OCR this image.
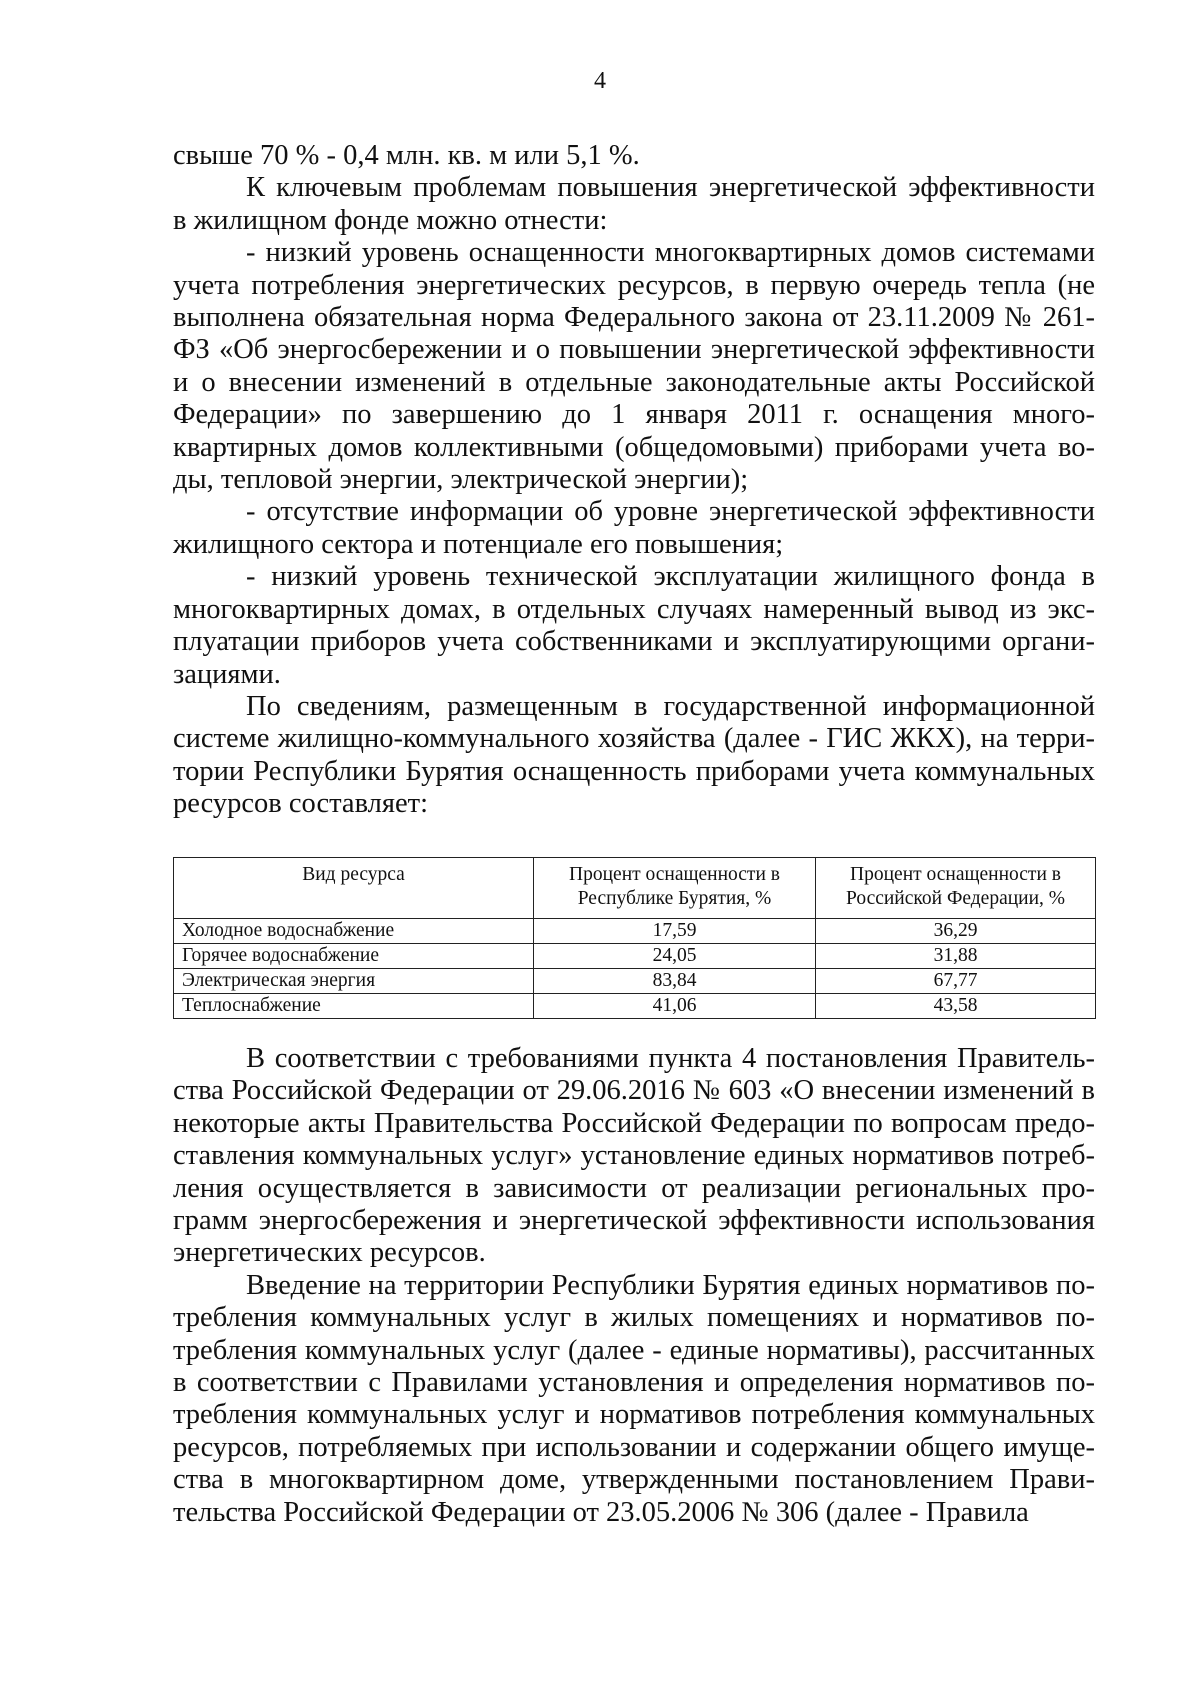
4

свыше 70 % - 0,4 млн. кв. м или 5,1 %.

К ключевым проблемам повышения энергетической эффективности в жилищном фонде можно отнести:

- низкий уровень оснащенности многоквартирных домов системами учета потребления энергетических ресурсов, в первую очередь тепла (не выполнена обязательная норма Федерального закона от 23.11.2009 № 261-ФЗ «Об энергосбережении и о повышении энергетической эффективности и о внесении изменений в отдельные законодательные акты Российской Федерации» по завершению до 1 января 2011 г. оснащения многоквартирных домов коллективными (общедомовыми) приборами учета воды, тепловой энергии, электрической энергии);

- отсутствие информации об уровне энергетической эффективности жилищного сектора и потенциале его повышения;

- низкий уровень технической эксплуатации жилищного фонда в многоквартирных домах, в отдельных случаях намеренный вывод из эксплуатации приборов учета собственниками и эксплуатирующими организациями.

По сведениям, размещенным в государственной информационной системе жилищно-коммунального хозяйства (далее - ГИС ЖКХ), на территории Республики Бурятия оснащенность приборами учета коммунальных ресурсов составляет:

Вид ресурса	Процент оснащенности в Республике Бурятия, %	Процент оснащенности в Российской Федерации, %
Холодное водоснабжение	17,59	36,29
Горячее водоснабжение	24,05	31,88
Электрическая энергия	83,84	67,77
Теплоснабжение	41,06	43,58

В соответствии с требованиями пункта 4 постановления Правительства Российской Федерации от 29.06.2016 № 603 «О внесении изменений в некоторые акты Правительства Российской Федерации по вопросам предоставления коммунальных услуг» установление единых нормативов потребления осуществляется в зависимости от реализации региональных программ энергосбережения и энергетической эффективности использования энергетических ресурсов.

Введение на территории Республики Бурятия единых нормативов потребления коммунальных услуг в жилых помещениях и нормативов потребления коммунальных услуг (далее - единые нормативы), рассчитанных в соответствии с Правилами установления и определения нормативов потребления коммунальных услуг и нормативов потребления коммунальных ресурсов, потребляемых при использовании и содержании общего имущества в многоквартирном доме, утвержденными постановлением Правительства Российской Федерации от 23.05.2006 № 306 (далее - Правила
